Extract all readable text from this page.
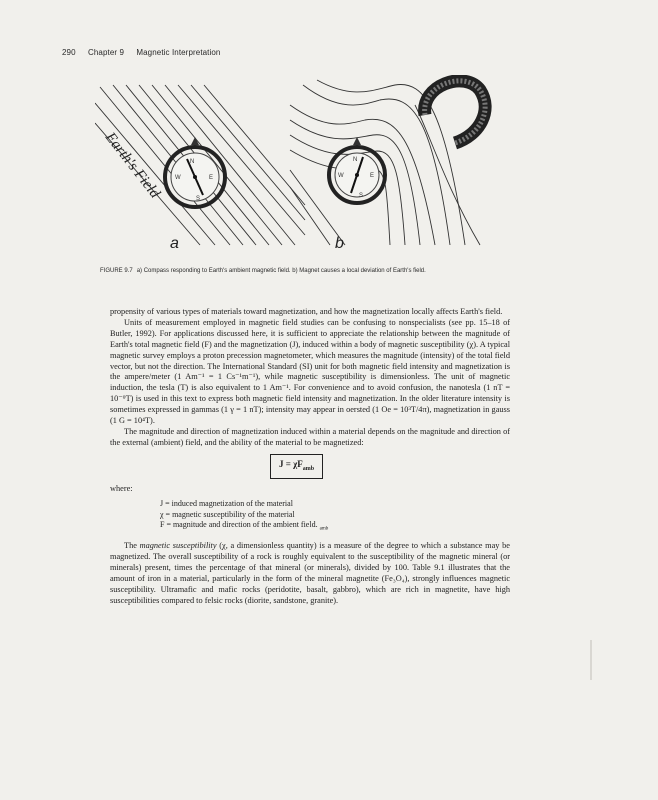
290 Chapter 9 Magnetic Interpretation
N
S
W	E
Earth's Field	N
S
W	E
a	b
FIGURE 9.7 a) Compass responding to Earth's ambient magnetic field. b) Magnet causes a local deviation of Earth's field.

propensity of various types of materials toward magnetization, and how the magnetization locally affects Earth's field.

Units of measurement employed in magnetic field studies can be confusing to nonspecialists (see pp. 15–18 of Butler, 1992). For applications discussed here, it is sufficient to appreciate the relationship between the magnitude of Earth's total magnetic field (F) and the magnetization (J), induced within a body of magnetic susceptibility (χ). A typical magnetic survey employs a proton precession magnetometer, which measures the magnitude (intensity) of the total field vector, but not the direction. The International Standard (SI) unit for both magnetic field intensity and magnetization is the ampere/meter (1 Am⁻¹ = 1 Cs⁻¹m⁻¹), while magnetic susceptibility is dimensionless. The unit of magnetic induction, the tesla (T) is also equivalent to 1 Am⁻¹. For convenience and to avoid confusion, the nanotesla (1 nT = 10⁻⁹T) is used in this text to express both magnetic field intensity and magnetization. In the older literature intensity is sometimes expressed in gammas (1 γ = 1 nT); intensity may appear in oersted (1 Oe = 10³T/4π), magnetization in gauss (1 G = 10⁴T).

The magnitude and direction of magnetization induced within a material depends on the magnitude and direction of the external (ambient) field, and the ability of the material to be magnetized:

$J = \chi F_{amb}$

where:

J = induced magnetization of the material
χ = magnetic susceptibility of the material
F = magnitude and direction of the ambient field. $_{amb}$

The magnetic susceptibility (χ, a dimensionless quantity) is a measure of the degree to which a substance may be magnetized. The overall susceptibility of a rock is roughly equivalent to the susceptibility of the magnetic mineral (or minerals) present, times the percentage of that mineral (or minerals), divided by 100. Table 9.1 illustrates that the amount of iron in a material, particularly in the form of the mineral magnetite (Fe₃O₄), strongly influences magnetic susceptibility. Ultramafic and mafic rocks (peridotite, basalt, gabbro), which are rich in magnetite, have high susceptibilities compared to felsic rocks (diorite, sandstone, granite).
